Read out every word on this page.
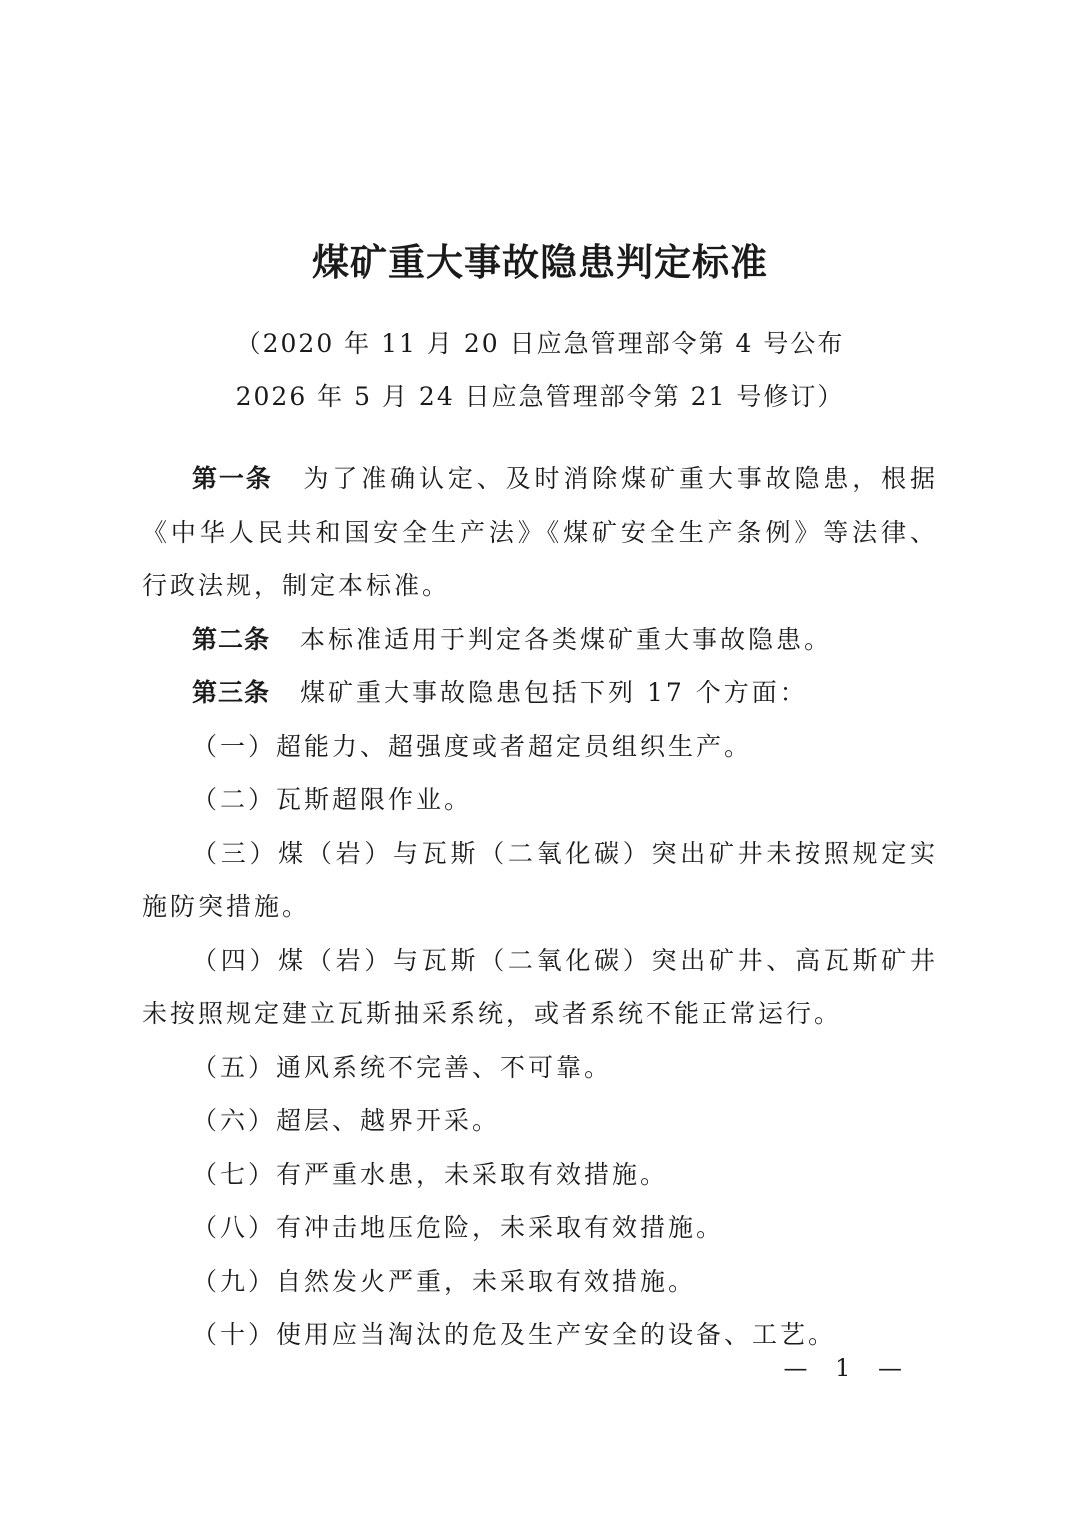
煤矿重大事故隐患判定标准
（2020 年 11 月 20 日应急管理部令第 4 号公布
2026 年 5 月 24 日应急管理部令第 21 号修订）

第一条 为了准确认定、及时消除煤矿重大事故隐患，根据《中华人民共和国安全生产法》《煤矿安全生产条例》等法律、行政法规，制定本标准。

第二条 本标准适用于判定各类煤矿重大事故隐患。

第三条 煤矿重大事故隐患包括下列 17 个方面：

（一）超能力、超强度或者超定员组织生产。

（二）瓦斯超限作业。

（三）煤（岩）与瓦斯（二氧化碳）突出矿井未按照规定实施防突措施。

（四）煤（岩）与瓦斯（二氧化碳）突出矿井、高瓦斯矿井未按照规定建立瓦斯抽采系统，或者系统不能正常运行。

（五）通风系统不完善、不可靠。

（六）超层、越界开采。

（七）有严重水患，未采取有效措施。

（八）有冲击地压危险，未采取有效措施。

（九）自然发火严重，未采取有效措施。

（十）使用应当淘汰的危及生产安全的设备、工艺。

— 1 —
